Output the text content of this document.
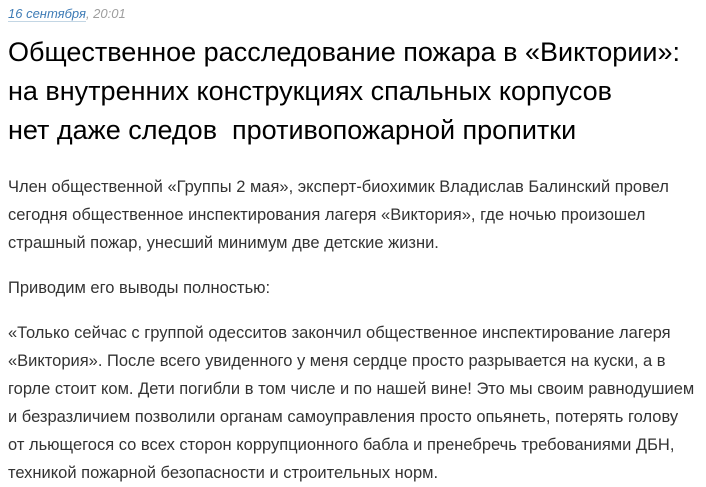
16 сентября, 20:01
Общественное расследование пожара в «Виктории»:
на внутренних конструкциях спальных корпусов
нет даже следов  противопожарной пропитки

Член общественной «Группы 2 мая», эксперт-биохимик Владислав Балинский провел сегодня общественное инспектирования лагеря «Виктория», где ночью произошел страшный пожар, унесший минимум две детские жизни.

Приводим его выводы полностью:

«Только сейчас с группой одесситов закончил общественное инспектирование лагеря «Виктория». После всего увиденного у меня сердце просто разрывается на куски, а в горле стоит ком. Дети погибли в том числе и по нашей вине! Это мы своим равнодушием и безразличием позволили органам самоуправления просто опьянеть, потерять голову от льющегося со всех сторон коррупционного бабла и пренебречь требованиями ДБН, техникой пожарной безопасности и строительных норм.
